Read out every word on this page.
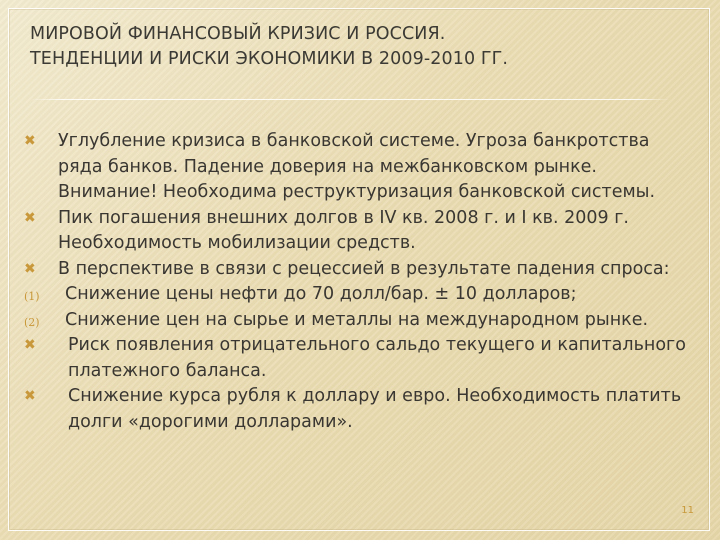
МИРОВОЙ ФИНАНСОВЫЙ КРИЗИС И РОССИЯ.
ТЕНДЕНЦИИ И РИСКИ ЭКОНОМИКИ В 2009-2010 ГГ.
✖	Углубление кризиса в банковской системе. Угроза банкротства
ряда банков. Падение доверия на межбанковском рынке.
Внимание! Необходима реструктуризация банковской системы.
✖	Пик погашения внешних долгов в IV кв. 2008 г. и I кв. 2009 г.
Необходимость мобилизации средств.
✖	В перспективе в связи с рецессией в результате падения спроса:
(1)	Снижение цены нефти до 70 долл/бар. ± 10 долларов;
(2)	Снижение цен на сырье и металлы на международном рынке.
✖	Риск появления отрицательного сальдо текущего и капитального
платежного баланса.
✖	Снижение курса рубля к доллару и евро. Необходимость платить
долги «дорогими долларами».
11
